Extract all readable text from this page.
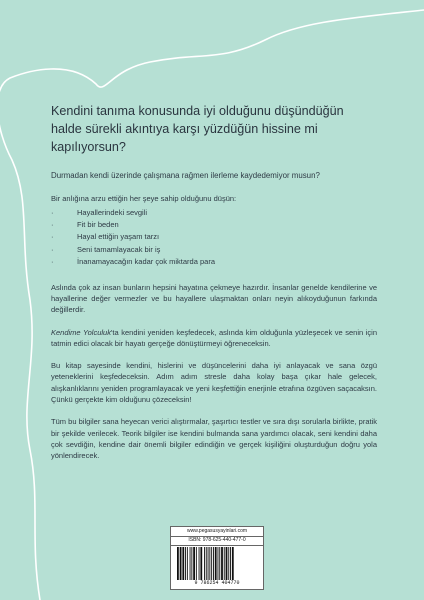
Kendini tanıma konusunda iyi olduğunu düşündüğün halde sürekli akıntıya karşı yüzdüğün hissine mi kapılıyorsun?

Durmadan kendi üzerinde çalışmana rağmen ilerleme kaydedemiyor musun?

Bir anlığına arzu ettiğin her şeye sahip olduğunu düşün:

·	Hayallerindeki sevgili
·	Fit bir beden
·	Hayal ettiğin yaşam tarzı
·	Seni tamamlayacak bir iş
·	İnanamayacağın kadar çok miktarda para

Aslında çok az insan bunların hepsini hayatına çekmeye hazırdır. İnsanlar genelde kendilerine ve hayallerine değer vermezler ve bu hayallere ulaşmaktan onları neyin alıkoyduğunun farkında değillerdir.

Kendime Yolculuk'ta kendini yeniden keşfedecek, aslında kim olduğunla yüzleşecek ve senin için tatmin edici olacak bir hayatı gerçeğe dönüştürmeyi öğreneceksin.

Bu kitap sayesinde kendini, hislerini ve düşüncelerini daha iyi anlayacak ve sana özgü yeteneklerini keşfedeceksin. Adım adım stresle daha kolay başa çıkar hale gelecek, alışkanlıklarını yeniden programlayacak ve yeni keşfettiğin enerjinle etrafına özgüven saçacaksın. Çünkü gerçekte kim olduğunu çözeceksin!

Tüm bu bilgiler sana heyecan verici alıştırmalar, şaşırtıcı testler ve sıra dışı sorularla birlikte, pratik bir şekilde verilecek. Teorik bilgiler ise kendini bulmanda sana yardımcı olacak, seni kendini daha çok sevdiğin, kendine dair önemli bilgiler edindiğin ve gerçek kişiliğini oluşturduğun doğru yola yönlendirecek.

www.pegasusyayinlari.com
ISBN: 978-625-440-477-0
9 786254 404770
